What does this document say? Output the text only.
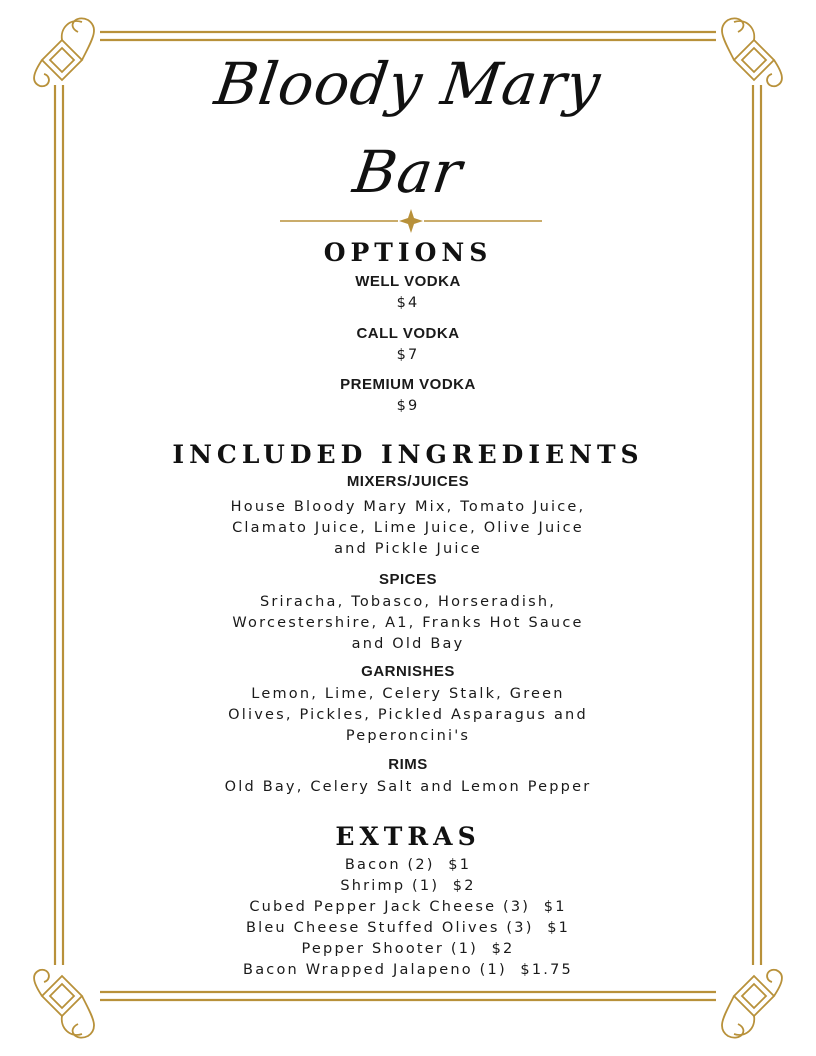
Bloody Mary
Bar
OPTIONS
WELL VODKA
$4
CALL VODKA
$7
PREMIUM VODKA
$9
INCLUDED INGREDIENTS
MIXERS/JUICES
House Bloody Mary Mix, Tomato Juice,
Clamato Juice, Lime Juice, Olive Juice
and Pickle Juice
SPICES
Sriracha, Tobasco, Horseradish,
Worcestershire, A1, Franks Hot Sauce
and Old Bay
GARNISHES
Lemon, Lime, Celery Stalk, Green
Olives, Pickles, Pickled Asparagus and
Peperoncini's
RIMS
Old Bay, Celery Salt and Lemon Pepper
EXTRAS
Bacon (2)  $1
Shrimp (1)  $2
Cubed Pepper Jack Cheese (3)  $1
Bleu Cheese Stuffed Olives (3)  $1
Pepper Shooter (1)  $2
Bacon Wrapped Jalapeno (1)  $1.75
